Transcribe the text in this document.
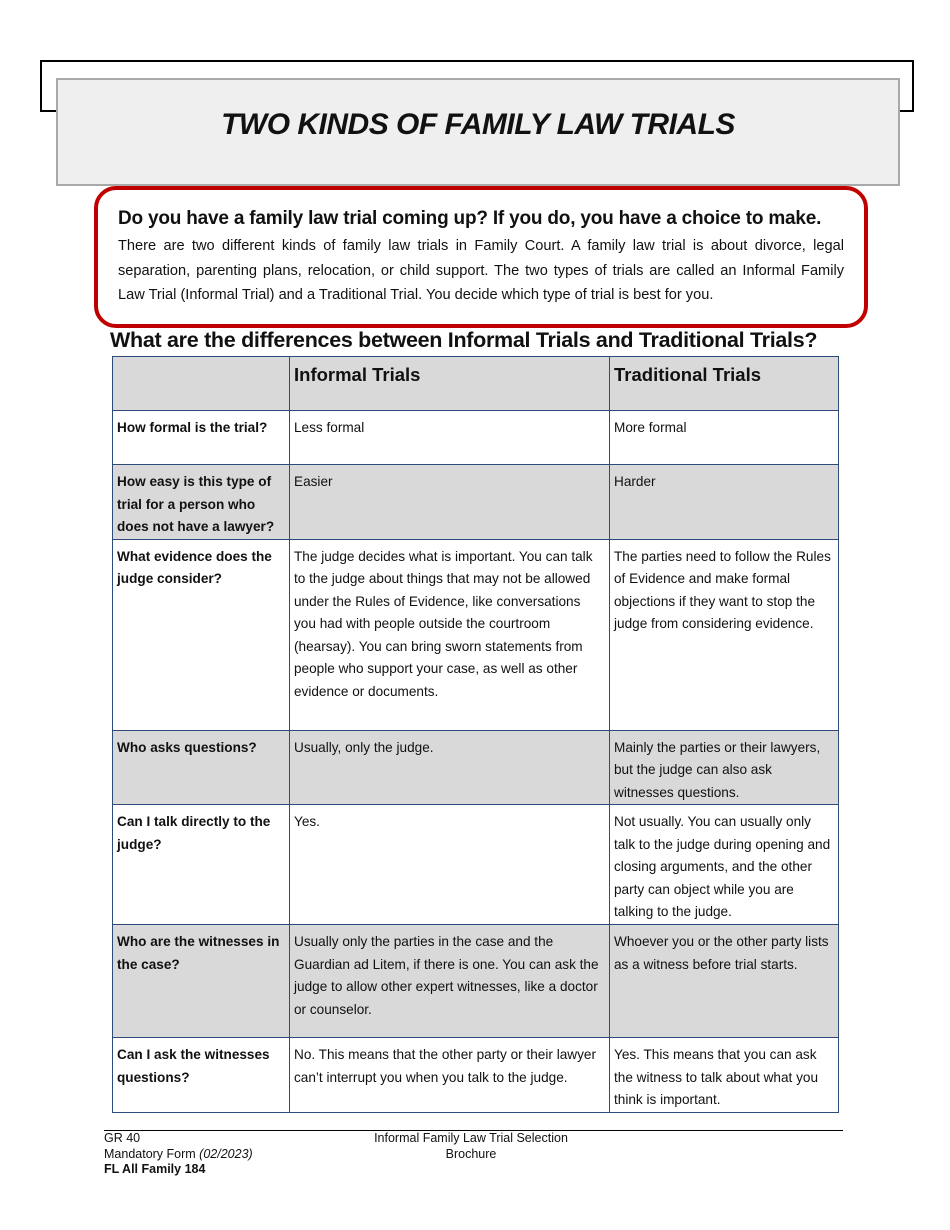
TWO KINDS OF FAMILY LAW TRIALS

Do you have a family law trial coming up? If you do, you have a choice to make.

There are two different kinds of family law trials in Family Court. A family law trial is about divorce, legal separation, parenting plans, relocation, or child support. The two types of trials are called an Informal Family Law Trial (Informal Trial) and a Traditional Trial. You decide which type of trial is best for you.

What are the differences between Informal Trials and Traditional Trials?
	Informal Trials	Traditional Trials
How formal is the trial?	Less formal	More formal
How easy is this type of trial for a person who does not have a lawyer?	Easier	Harder
What evidence does the judge consider?	The judge decides what is important. You can talk to the judge about things that may not be allowed under the Rules of Evidence, like conversations you had with people outside the courtroom (hearsay). You can bring sworn statements from people who support your case, as well as other evidence or documents.	The parties need to follow the Rules of Evidence and make formal objections if they want to stop the judge from considering evidence.
Who asks questions?	Usually, only the judge.	Mainly the parties or their lawyers, but the judge can also ask witnesses questions.
Can I talk directly to the judge?	Yes.	Not usually. You can usually only talk to the judge during opening and closing arguments, and the other party can object while you are talking to the judge.
Who are the witnesses in the case?	Usually only the parties in the case and the Guardian ad Litem, if there is one. You can ask the judge to allow other expert witnesses, like a doctor or counselor.	Whoever you or the other party lists as a witness before trial starts.
Can I ask the witnesses questions?	No. This means that the other party or their lawyer can’t interrupt you when you talk to the judge.	Yes. This means that you can ask the witness to talk about what you think is important.
GR 40
Mandatory Form (02/2023)
FL All Family 184
Informal Family Law Trial Selection
Brochure
